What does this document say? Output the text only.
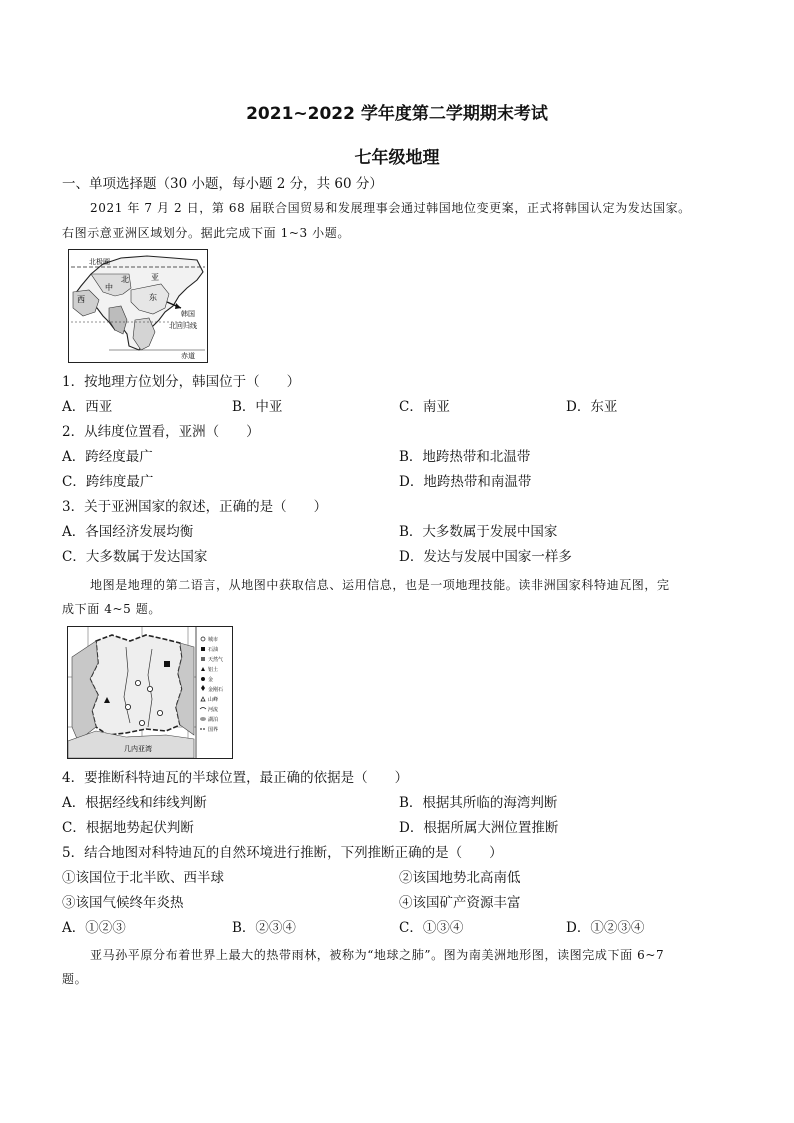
2021~2022 学年度第二学期期末考试
七年级地理
一、单项选择题（30 小题，每小题 2 分，共 60 分）
2021 年 7 月 2 日，第 68 届联合国贸易和发展理事会通过韩国地位变更案，正式将韩国认定为发达国家。
右图示意亚洲区域划分。据此完成下面 1~3 小题。
北极圈
北	亚
中
东
西
韩国
北回归线
赤道
1．按地理方位划分，韩国位于（　　）
A．西亚	B．中亚	C．南亚	D．东亚
2．从纬度位置看，亚洲（　　）
A．跨经度最广	B．地跨热带和北温带
C．跨纬度最广	D．地跨热带和南温带
3．关于亚洲国家的叙述，正确的是（　　）
A．各国经济发展均衡	B．大多数属于发展中国家
C．大多数属于发达国家	D．发达与发展中国家一样多
地图是地理的第二语言，从地图中获取信息、运用信息，也是一项地理技能。读非洲国家科特迪瓦图，完
成下面 4~5 题。
几内亚湾
城市
石油
天然气
铝土
金
金刚石
山峰
河流
湖泊
国界
4．要推断科特迪瓦的半球位置，最正确的依据是（　　）
A．根据经线和纬线判断	B．根据其所临的海湾判断
C．根据地势起伏判断	D．根据所属大洲位置推断
5．结合地图对科特迪瓦的自然环境进行推断，下列推断正确的是（　　）
①该国位于北半欧、西半球	②该国地势北高南低
③该国气候终年炎热	④该国矿产资源丰富
A．①②③	B．②③④	C．①③④	D．①②③④
亚马孙平原分布着世界上最大的热带雨林，被称为“地球之肺”。图为南美洲地形图，读图完成下面 6~7
题。
